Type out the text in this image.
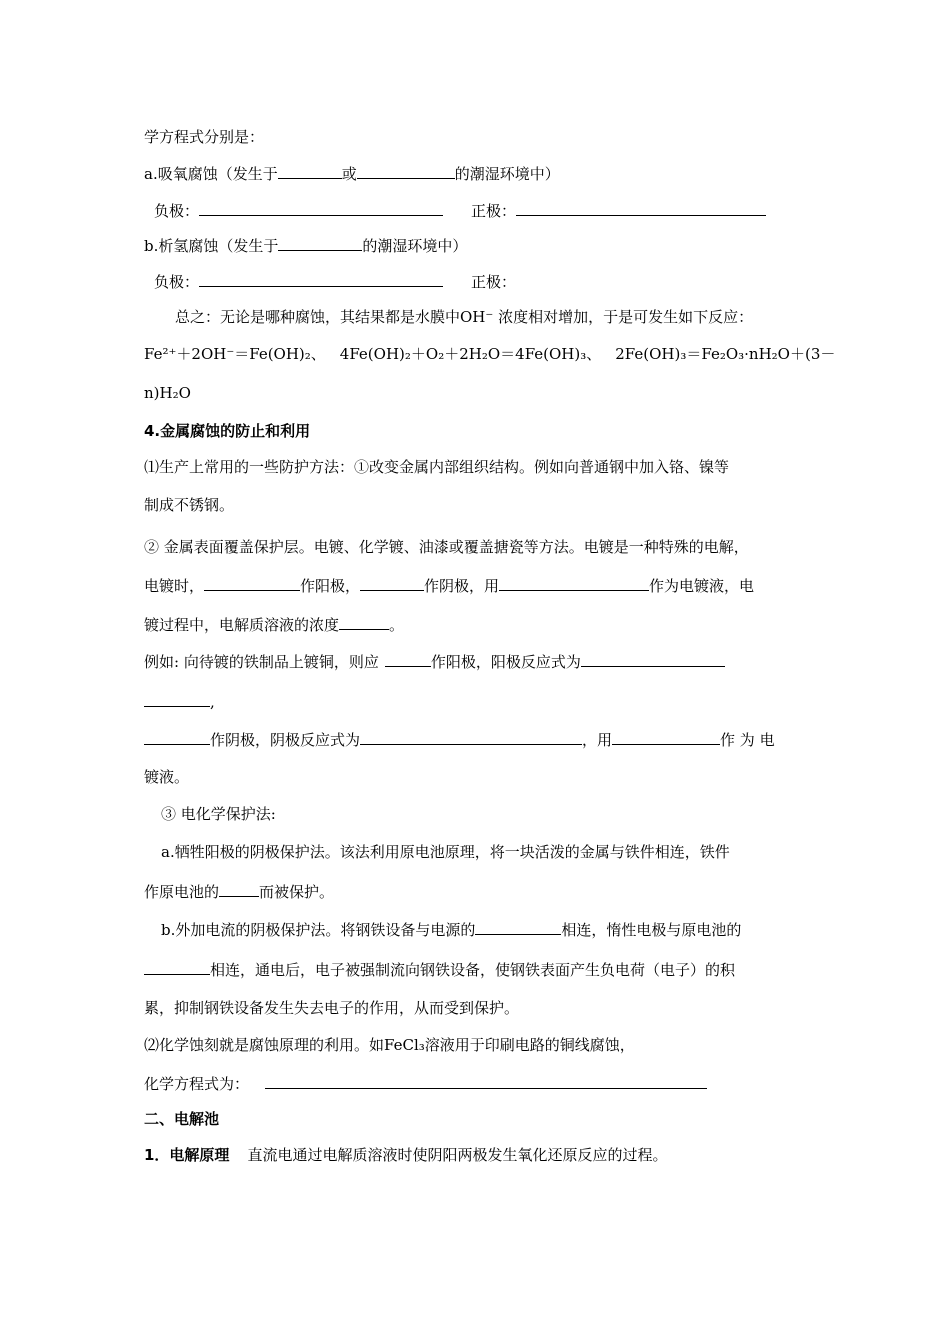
学方程式分别是：
a.吸氧腐蚀（发生于	或	的潮湿环境中）
负极：	正极：
b.析氢腐蚀（发生于	的潮湿环境中）
负极：	正极：
总之：无论是哪种腐蚀，其结果都是水膜中OH⁻ 浓度相对增加，于是可发生如下反应：
Fe²⁺＋2OH⁻＝Fe(OH)₂、 4Fe(OH)₂＋O₂＋2H₂O＝4Fe(OH)₃、 2Fe(OH)₃＝Fe₂O₃·nH₂O＋(3－
n)H₂O
4.金属腐蚀的防止和利用
⑴生产上常用的一些防护方法：①改变金属内部组织结构。例如向普通钢中加入铬、镍等
制成不锈钢。
② 金属表面覆盖保护层。电镀、化学镀、油漆或覆盖搪瓷等方法。电镀是一种特殊的电解，
电镀时，	作阳极，	作阴极，用	作为电镀液，电
镀过程中，电解质溶液的浓度	。
例如: 向待镀的铁制品上镀铜，则应	作阳极，阳极反应式为
,
作阴极，阴极反应式为	，用	作 为 电
镀液。
③ 电化学保护法:
a.牺牲阳极的阴极保护法。该法利用原电池原理，将一块活泼的金属与铁件相连，铁件
作原电池的	而被保护。
b.外加电流的阴极保护法。将钢铁设备与电源的	相连，惰性电极与原电池的
相连，通电后，电子被强制流向钢铁设备，使钢铁表面产生负电荷（电子）的积
累，抑制钢铁设备发生失去电子的作用，从而受到保护。
⑵化学蚀刻就是腐蚀原理的利用。如FeCl₃溶液用于印刷电路的铜线腐蚀，
化学方程式为：
二、电解池
1．电解原理 直流电通过电解质溶液时使阴阳两极发生氧化还原反应的过程。
